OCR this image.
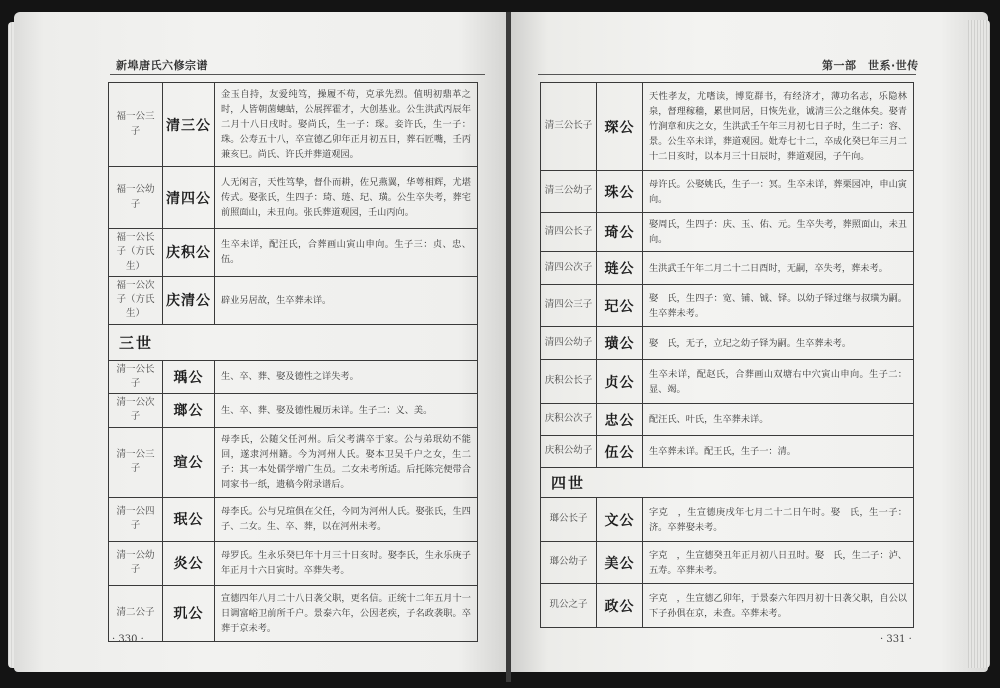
新埠唐氏六修宗谱
福一公三子	清三公	金玉自持，友爱纯笃，操履不苟，克承先烈。值明初鼎革之时，人皆朝菌蟪蛄，公展挥霍才，大创基业。公生洪武丙辰年二月十八日戌时。娶尚氏，生一子：琛。妾许氏，生一子：珠。公寿五十八，卒宣德乙卯年正月初五日，葬石匠嘴，壬丙兼亥巳。尚氏、许氏并葬道观园。
福一公幼子	清四公	人无闲言，天性笃挚，督仆而耕，佐兄燕翼，华萼相辉，尤堪传式。娶张氏，生四子：琦、琏、玘、璜。公生卒失考，葬宅前照面山，未丑向。张氏葬道观园，壬山丙向。
福一公长子（方氏生）	庆积公	生卒未详，配汪氏，合葬画山寅山申向。生子三：贞、忠、伍。
福一公次子（方氏生）	庆清公	辟业另居故，生卒葬未详。
三世		
清一公长子	瑀公	生、卒、葬、娶及德性之详失考。
清一公次子	瑯公	生、卒、葬、娶及德性履历未详。生子二：义、美。
清一公三子	瑄公	母李氏，公随父任河州。后父考满卒于家。公与弟珉幼不能回，遂隶河州籍。今为河州人氏。娶本卫吴千户之女，生二子：其一本处儒学增广生员。二女未考所适。后托陈完便带合同家书一纸，遗稿今附录谱后。
清一公四子	珉公	母李氏。公与兄瑄俱在父任，今同为河州人氏。娶张氏，生四子、二女。生、卒、葬，以在河州未考。
清一公幼子	炎公	母罗氏。生永乐癸巳年十月三十日亥时。娶李氏，生永乐庚子年正月十六日寅时。卒葬失考。
清二公子	玑公	宣德四年八月二十八日袭父职，更名信。正统十二年五月十一日调富峪卫前所千户。景泰六年，公因老疾，子名政袭职。卒葬于京未考。
· 330 ·
第一部　世系·世传
清三公长子	琛公	天性孝友，尤嗜读，博览群书，有经济才，薄功名志，乐隐林泉，督理稼穑，累世同居，日恢先业，诚清三公之继体矣。娶青竹涧章和庆之女，生洪武壬午年三月初七日子时，生二子：容、景。公生卒未详，葬道观园。妣寿七十二，卒成化癸巳年三月二十二日亥时，以本月三十日辰时，葬道观园，子午向。
清三公幼子	珠公	母许氏。公娶姚氏，生子一：冥。生卒未详，葬栗园冲，申山寅向。
清四公长子	琦公	娶周氏，生四子：庆、玉、佑、元。生卒失考，葬照面山，未丑向。
清四公次子	琏公	生洪武壬午年二月二十二日酉时，无嗣，卒失考，葬未考。
清四公三子	玘公	娶　氏，生四子：宽、铺、铖、铎。以幼子铎过继与叔璜为嗣。生卒葬未考。
清四公幼子	璜公	娶　氏，无子，立玘之幼子铎为嗣。生卒葬未考。
庆积公长子	贞公	生卒未详，配赵氏，合葬画山双塘右中穴寅山申向。生子二：显、竭。
庆积公次子	忠公	配汪氏、叶氏，生卒葬未详。
庆积公幼子	伍公	生卒葬未详。配王氏，生子一：清。
四世		
瑯公长子	文公	字克　，生宣德庚戌年七月二十二日午时。娶　氏，生一子：济。卒葬娶未考。
瑯公幼子	美公	字克　，生宣德癸丑年正月初八日丑时。娶　氏，生二子：泸、五寿。卒葬未考。
玑公之子	政公	字克　，生宣德乙卯年，于景泰六年四月初十日袭父职，自公以下子孙俱在京，未查。卒葬未考。
· 331 ·
